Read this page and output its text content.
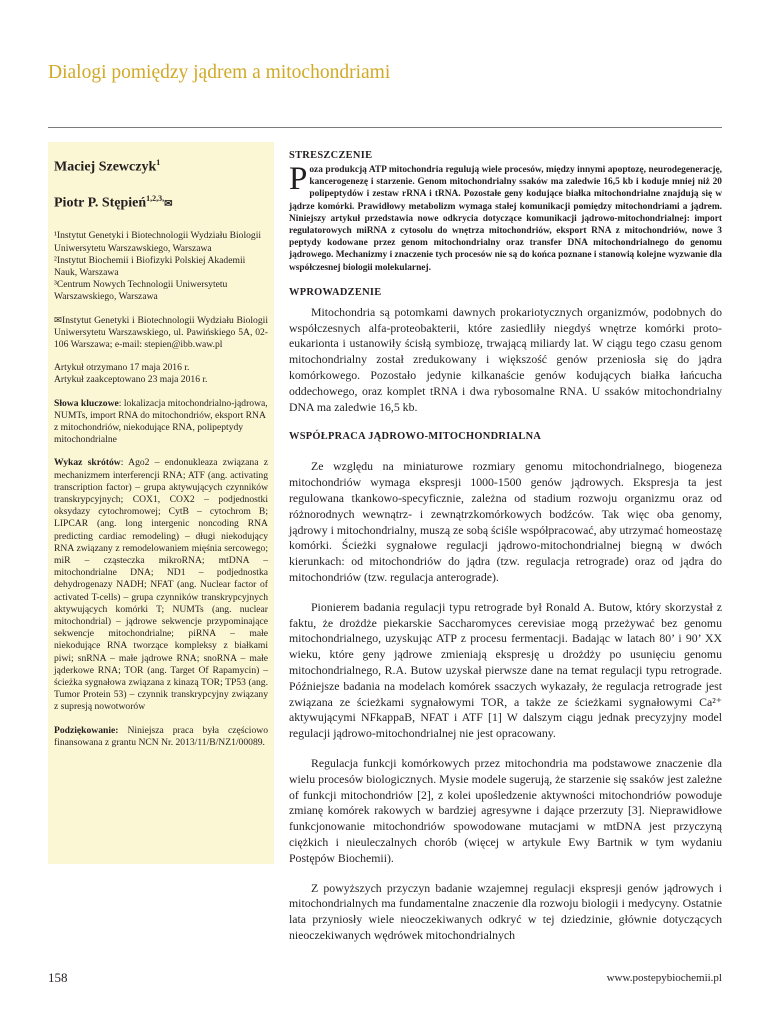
Dialogi pomiędzy jądrem a mitochondriami
Maciej Szewczyk$^1$
Piotr P. Stępień$^{1,2,3,}$✉

¹Instytut Genetyki i Biotechnologii Wydziału Biologii Uniwersytetu Warszawskiego, Warszawa

²Instytut Biochemii i Biofizyki Polskiej Akademii Nauk, Warszawa

³Centrum Nowych Technologii Uniwersytetu Warszawskiego, Warszawa

✉Instytut Genetyki i Biotechnologii Wydziału Biologii Uniwersytetu Warszawskiego, ul. Pawińskiego 5A, 02-106 Warszawa; e-mail: stepien@ibb.waw.pl

Artykuł otrzymano 17 maja 2016 r.

Artykuł zaakceptowano 23 maja 2016 r.

Słowa kluczowe: lokalizacja mitochondrialno-jądrowa, NUMTs, import RNA do mitochondriów, eksport RNA z mitochondriów, niekodujące RNA, polipeptydy mitochondrialne
Wykaz skrótów: Ago2 – endonukleaza związana z mechanizmem interferencji RNA; ATF (ang. activating transcription factor) – grupa aktywujących czynników transkrypcyjnych; COX1, COX2 – podjednostki oksydazy cytochromowej; CytB – cytochrom B; LIPCAR (ang. long intergenic noncoding RNA predicting cardiac remodeling) – długi niekodujący RNA związany z remodelowaniem mięśnia sercowego; miR – cząsteczka mikroRNA; mtDNA – mitochondrialne DNA; ND1 – podjednostka dehydrogenazy NADH; NFAT (ang. Nuclear factor of activated T-cells) – grupa czynników transkrypcyjnych aktywujących komórki T; NUMTs (ang. nuclear mitochondrial) – jądrowe sekwencje przypominające sekwencje mitochondrialne; piRNA – małe niekodujące RNA tworzące kompleksy z białkami piwi; snRNA – małe jądrowe RNA; snoRNA – małe jąderkowe RNA; TOR (ang. Target Of Rapamycin) – ścieżka sygnałowa związana z kinazą TOR; TP53 (ang. Tumor Protein 53) – czynnik transkrypcyjny związany z supresją nowotworów
Podziękowanie: Niniejsza praca była częściowo finansowana z grantu NCN Nr. 2013/11/B/NZ1/00089.

STRESZCZENIE

Poza produkcją ATP mitochondria regulują wiele procesów, między innymi apoptozę, neurodegenerację, kancerogenezę i starzenie. Genom mitochondrialny ssaków ma zaledwie 16,5 kb i koduje mniej niż 20 polipeptydów i zestaw rRNA i tRNA. Pozostałe geny kodujące białka mitochondrialne znajdują się w jądrze komórki. Prawidłowy metabolizm wymaga stałej komunikacji pomiędzy mitochondriami a jądrem. Niniejszy artykuł przedstawia nowe odkrycia dotyczące komunikacji jądrowo-mitochondrialnej: import regulatorowych miRNA z cytosolu do wnętrza mitochondriów, eksport RNA z mitochondriów, nowe 3 peptydy kodowane przez genom mitochondrialny oraz transfer DNA mitochondrialnego do genomu jądrowego. Mechanizmy i znaczenie tych procesów nie są do końca poznane i stanowią kolejne wyzwanie dla współczesnej biologii molekularnej.

WPROWADZENIE

Mitochondria są potomkami dawnych prokariotycznych organizmów, podobnych do współczesnych alfa-proteobakterii, które zasiedliły niegdyś wnętrze komórki proto-eukarionta i ustanowiły ścisłą symbiozę, trwającą miliardy lat. W ciągu tego czasu genom mitochondrialny został zredukowany i większość genów przeniosła się do jądra komórkowego. Pozostało jedynie kilkanaście genów kodujących białka łańcucha oddechowego, oraz komplet tRNA i dwa rybosomalne RNA. U ssaków mitochondrialny DNA ma zaledwie 16,5 kb.

WSPÓŁPRACA JĄDROWO-MITOCHONDRIALNA

Ze względu na miniaturowe rozmiary genomu mitochondrialnego, biogeneza mitochondriów wymaga ekspresji 1000-1500 genów jądrowych. Ekspresja ta jest regulowana tkankowo-specyficznie, zależna od stadium rozwoju organizmu oraz od różnorodnych wewnątrz- i zewnątrzkomórkowych bodźców. Tak więc oba genomy, jądrowy i mitochondrialny, muszą ze sobą ściśle współpracować, aby utrzymać homeostazę komórki. Ścieżki sygnałowe regulacji jądrowo-mitochondrialnej biegną w dwóch kierunkach: od mitochondriów do jądra (tzw. regulacja retrograde) oraz od jądra do mitochondriów (tzw. regulacja anterograde).

Pionierem badania regulacji typu retrograde był Ronald A. Butow, który skorzystał z faktu, że drożdże piekarskie Saccharomyces cerevisiae mogą przeżywać bez genomu mitochondrialnego, uzyskując ATP z procesu fermentacji. Badając w latach 80’ i 90’ XX wieku, które geny jądrowe zmieniają ekspresję u drożdży po usunięciu genomu mitochondrialnego, R.A. Butow uzyskał pierwsze dane na temat regulacji typu retrograde. Późniejsze badania na modelach komórek ssaczych wykazały, że regulacja retrograde jest związana ze ścieżkami sygnałowymi TOR, a także ze ścieżkami sygnałowymi Ca²⁺ aktywującymi NFkappaB, NFAT i ATF [1] W dalszym ciągu jednak precyzyjny model regulacji jądrowo-mitochondrialnej nie jest opracowany.

Regulacja funkcji komórkowych przez mitochondria ma podstawowe znaczenie dla wielu procesów biologicznych. Mysie modele sugerują, że starzenie się ssaków jest zależne of funkcji mitochondriów [2], z kolei upośledzenie aktywności mitochondriów powoduje zmianę komórek rakowych w bardziej agresywne i dające przerzuty [3]. Nieprawidłowe funkcjonowanie mitochondriów spowodowane mutacjami w mtDNA jest przyczyną ciężkich i nieuleczalnych chorób (więcej w artykule Ewy Bartnik w tym wydaniu Postępów Biochemii).

Z powyższych przyczyn badanie wzajemnej regulacji ekspresji genów jądrowych i mitochondrialnych ma fundamentalne znaczenie dla rozwoju biologii i medycyny. Ostatnie lata przyniosły wiele nieoczekiwanych odkryć w tej dziedzinie, głównie dotyczących nieoczekiwanych wędrówek mitochondrialnych

158	www.postepybiochemii.pl
